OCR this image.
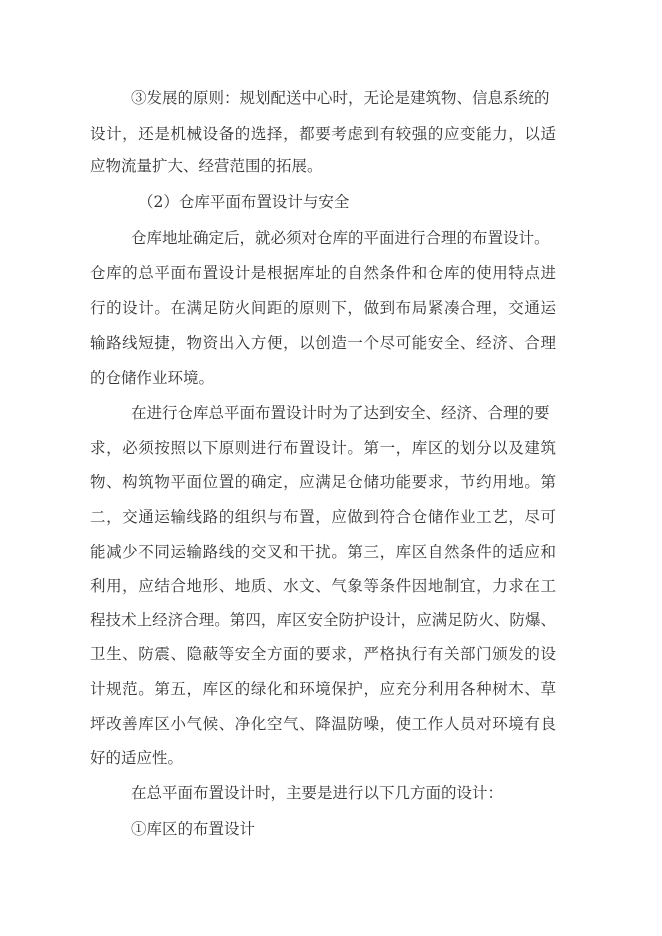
③发展的原则：规划配送中心时，无论是建筑物、信息系统的
设计，还是机械设备的选择，都要考虑到有较强的应变能力，以适
应物流量扩大、经营范围的拓展。
（2）仓库平面布置设计与安全
仓库地址确定后，就必须对仓库的平面进行合理的布置设计。
仓库的总平面布置设计是根据库址的自然条件和仓库的使用特点进
行的设计。在满足防火间距的原则下，做到布局紧凑合理，交通运
输路线短捷，物资出入方便，以创造一个尽可能安全、经济、合理
的仓储作业环境。
在进行仓库总平面布置设计时为了达到安全、经济、合理的要
求，必须按照以下原则进行布置设计。第一，库区的划分以及建筑
物、构筑物平面位置的确定，应满足仓储功能要求，节约用地。第
二，交通运输线路的组织与布置，应做到符合仓储作业工艺，尽可
能减少不同运输路线的交叉和干扰。第三，库区自然条件的适应和
利用，应结合地形、地质、水文、气象等条件因地制宜，力求在工
程技术上经济合理。第四，库区安全防护设计，应满足防火、防爆、
卫生、防震、隐蔽等安全方面的要求，严格执行有关部门颁发的设
计规范。第五，库区的绿化和环境保护，应充分利用各种树木、草
坪改善库区小气候、净化空气、降温防噪，使工作人员对环境有良
好的适应性。
在总平面布置设计时，主要是进行以下几方面的设计：
①库区的布置设计
